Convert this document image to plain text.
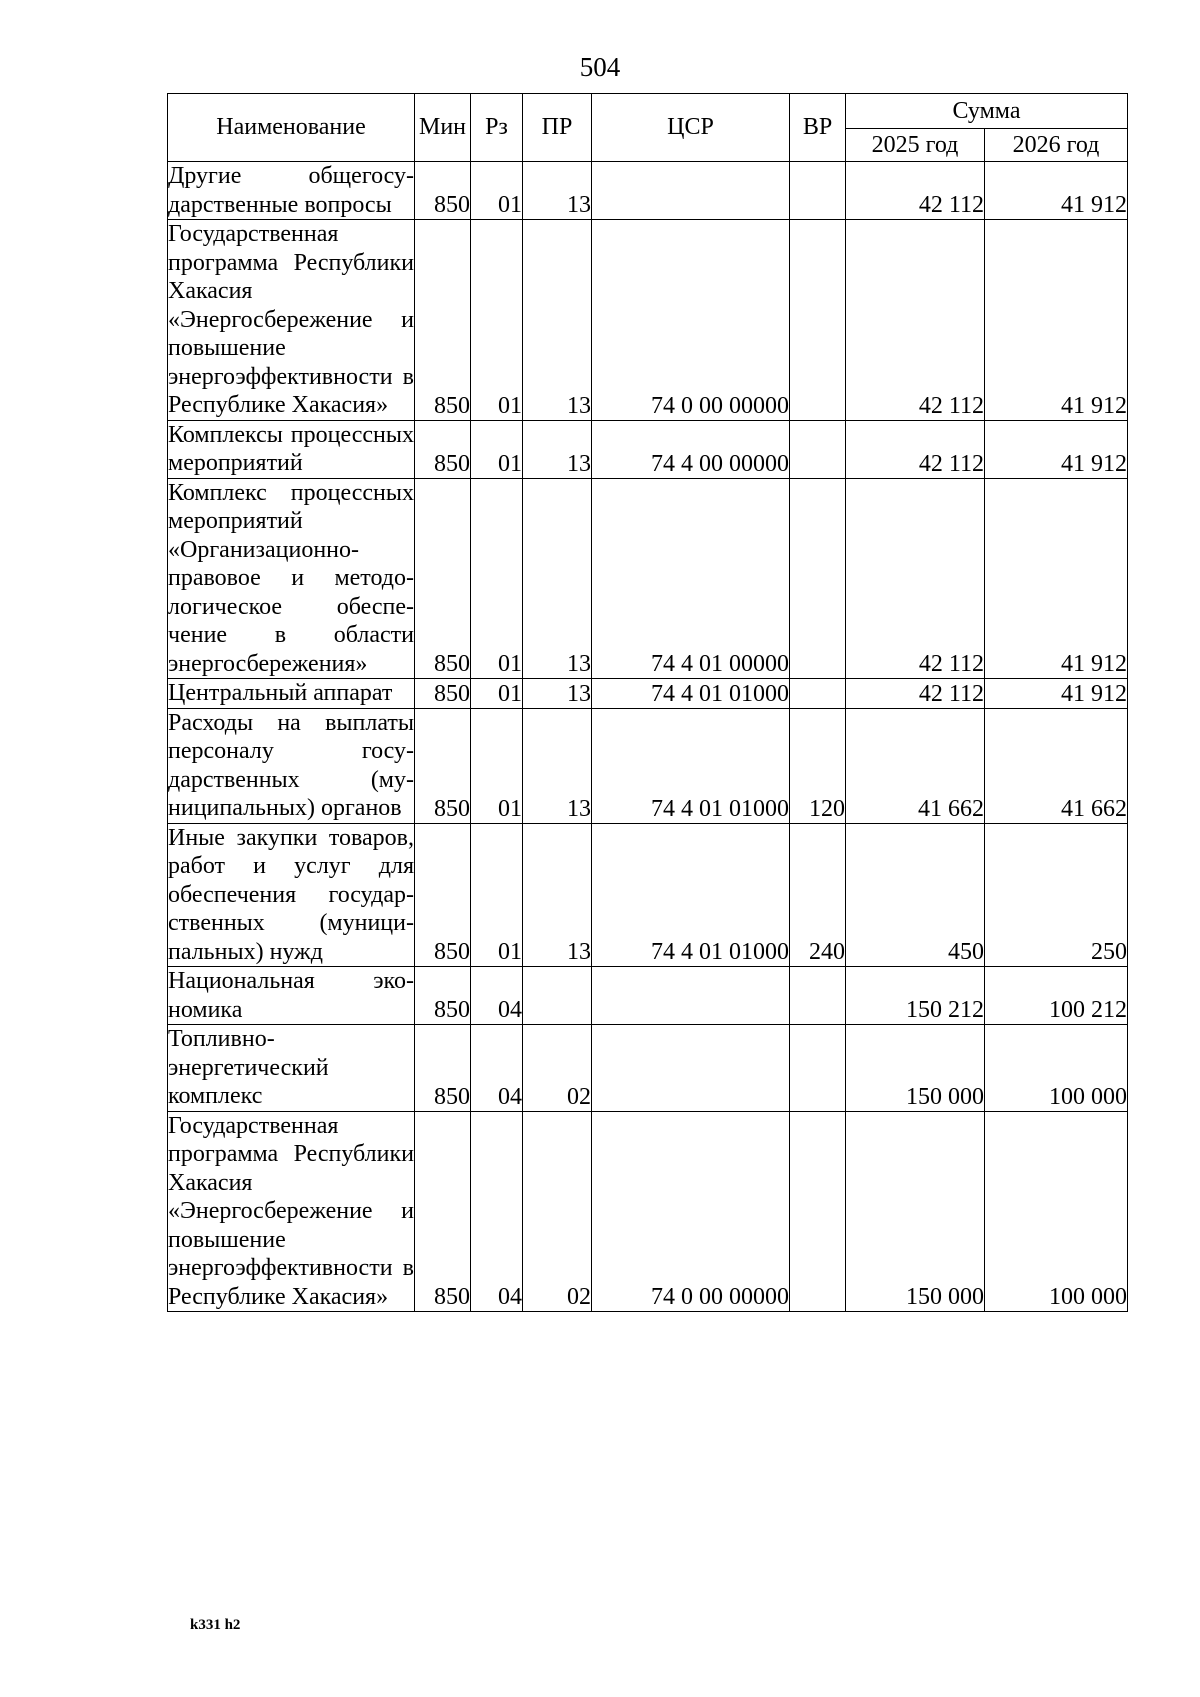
504
Наименование	Мин	Рз	ПР	ЦСР	ВР	Сумма	
						2025 год	2026 год
Другие общегосударственные вопросы	850	01	13			42 112	41 912
Государственная программа Республики Хакасия «Энергосбережение и повышение энергоэффективности в Республике Хакасия»	850	01	13	74 0 00 00000		42 112	41 912
Комплексы процессных мероприятий	850	01	13	74 4 00 00000		42 112	41 912
Комплекс процессных мероприятий «Организационно-правовое и методологическое обеспечение в области энергосбережения»	850	01	13	74 4 01 00000		42 112	41 912
Центральный аппарат	850	01	13	74 4 01 01000		42 112	41 912
Расходы на выплаты персоналу государственных (муниципальных) органов	850	01	13	74 4 01 01000	120	41 662	41 662
Иные закупки товаров, работ и услуг для обеспечения государственных (муниципальных) нужд	850	01	13	74 4 01 01000	240	450	250
Национальная экономика	850	04				150 212	100 212
Топливно-энергетический комплекс	850	04	02			150 000	100 000
Государственная программа Республики Хакасия «Энергосбережение и повышение энергоэффективности в Республике Хакасия»	850	04	02	74 0 00 00000		150 000	100 000
k331 h2
